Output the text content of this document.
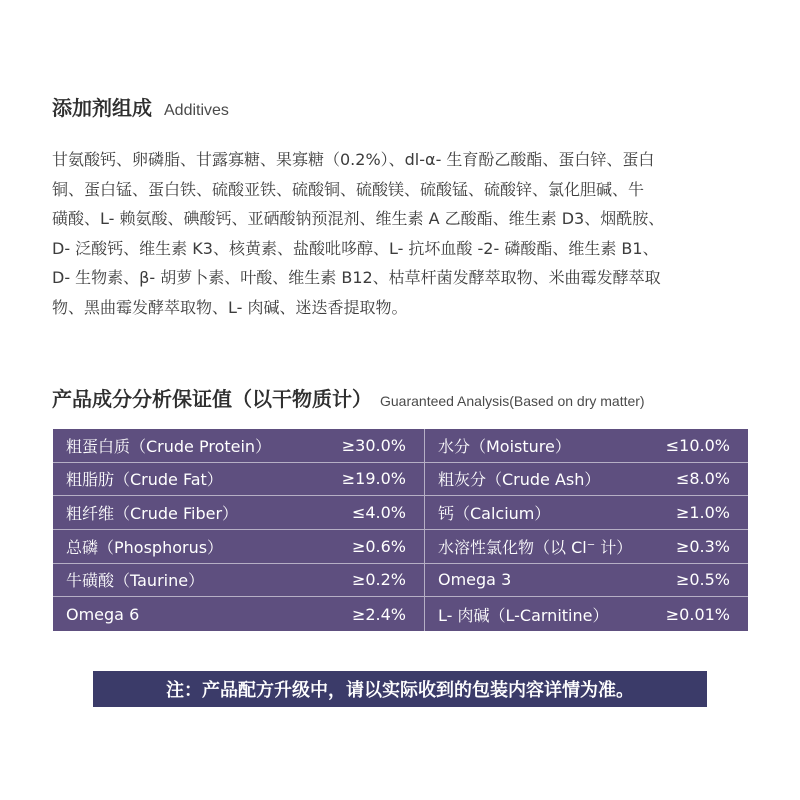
添加剂组成 Additives
甘氨酸钙、卵磷脂、甘露寡糖、果寡糖（0.2%）、dl-α- 生育酚乙酸酯、蛋白锌、蛋白
铜、蛋白锰、蛋白铁、硫酸亚铁、硫酸铜、硫酸镁、硫酸锰、硫酸锌、氯化胆碱、牛
磺酸、L- 赖氨酸、碘酸钙、亚硒酸钠预混剂、维生素 A 乙酸酯、维生素 D3、烟酰胺、
D- 泛酸钙、维生素 K3、核黄素、盐酸吡哆醇、L- 抗坏血酸 -2- 磷酸酯、维生素 B1、
D- 生物素、β- 胡萝卜素、叶酸、维生素 B12、枯草杆菌发酵萃取物、米曲霉发酵萃取
物、黑曲霉发酵萃取物、L- 肉碱、迷迭香提取物。
产品成分分析保证值（以干物质计） Guaranteed Analysis(Based on dry matter)
粗蛋白质（Crude Protein）	≥30.0% 水分（Moisture）	≤10.0%
粗脂肪（Crude Fat）	≥19.0% 粗灰分（Crude Ash）	≤8.0%
粗纤维（Crude Fiber）	≤4.0% 钙（Calcium）	≥1.0%
总磷（Phosphorus）	≥0.6% 水溶性氯化物（以 Cl⁻ 计）	≥0.3%
牛磺酸（Taurine）	≥0.2% Omega 3	≥0.5%
Omega 6	≥2.4% L- 肉碱（L-Carnitine）	≥0.01%
注：产品配方升级中，请以实际收到的包装内容详情为准。
